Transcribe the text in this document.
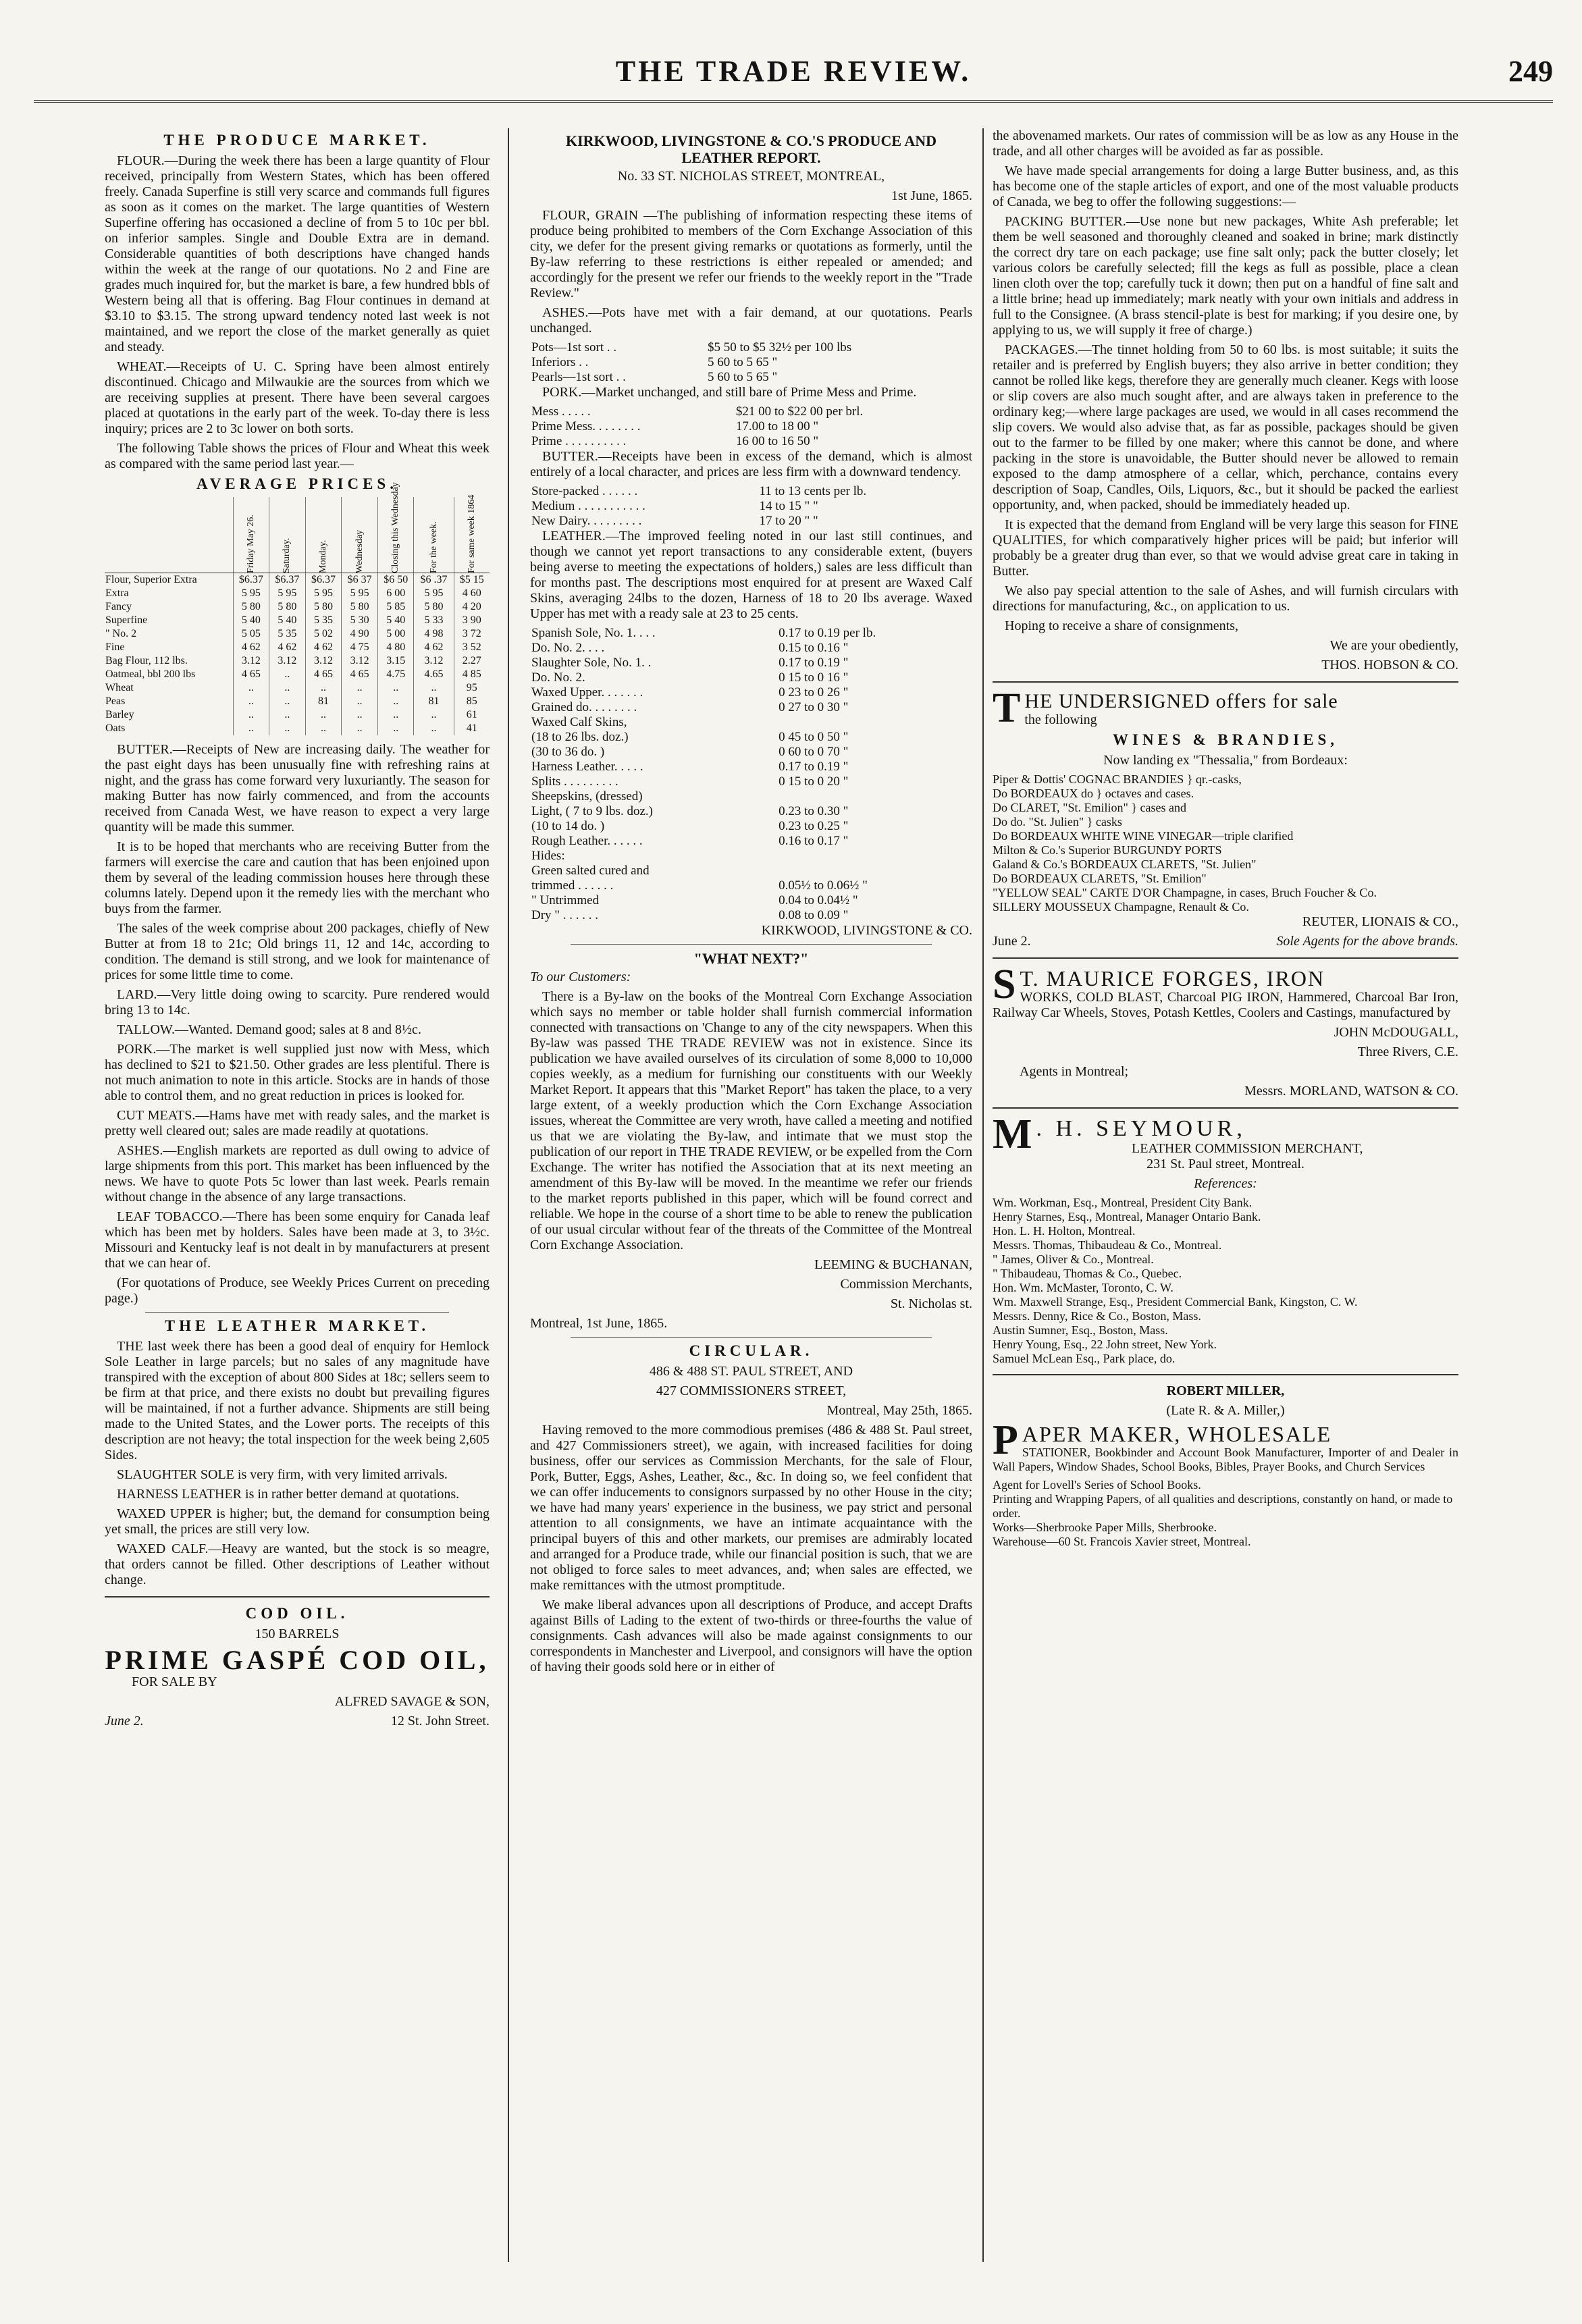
THE TRADE REVIEW.	249
THE PRODUCE MARKET.

FLOUR.—During the week there has been a large quantity of Flour received, principally from Western States, which has been offered freely. Canada Superfine is still very scarce and commands full figures as soon as it comes on the market. The large quantities of Western Superfine offering has occasioned a decline of from 5 to 10c per bbl. on inferior samples. Single and Double Extra are in demand. Considerable quantities of both descriptions have changed hands within the week at the range of our quotations. No 2 and Fine are grades much inquired for, but the market is bare, a few hundred bbls of Western being all that is offering. Bag Flour continues in demand at $3.10 to $3.15. The strong upward tendency noted last week is not maintained, and we report the close of the market generally as quiet and steady.

WHEAT.—Receipts of U. C. Spring have been almost entirely discontinued. Chicago and Milwaukie are the sources from which we are receiving supplies at present. There have been several cargoes placed at quotations in the early part of the week. To-day there is less inquiry; prices are 2 to 3c lower on both sorts.

The following Table shows the prices of Flour and Wheat this week as compared with the same period last year.—

AVERAGE PRICES.
	Friday May 26.	Saturday.	Monday.	Wednesday	Closing this Wednesday	For the week.	For same week 1864
Flour, Superior Extra	$6.37	$6.37	$6.37	$6 37	$6 50	$6 .37	$5 15
Extra	5 95	5 95	5 95	5 95	6 00	5 95	4 60
Fancy	5 80	5 80	5 80	5 80	5 85	5 80	4 20
Superfine	5 40	5 40	5 35	5 30	5 40	5 33	3 90
" No. 2	5 05	5 35	5 02	4 90	5 00	4 98	3 72
Fine	4 62	4 62	4 62	4 75	4 80	4 62	3 52
Bag Flour, 112 lbs.	3.12	3.12	3.12	3.12	3.15	3.12	2.27
Oatmeal, bbl 200 lbs	4 65	..	4 65	4 65	4.75	4.65	4 85
Wheat	..	..	..	..	..	..	95
Peas	..	..	81	..	..	81	85
Barley	..	..	..	..	..	..	61
Oats	..	..	..	..	..	..	41

BUTTER.—Receipts of New are increasing daily. The weather for the past eight days has been unusually fine with refreshing rains at night, and the grass has come forward very luxuriantly. The season for making Butter has now fairly commenced, and from the accounts received from Canada West, we have reason to expect a very large quantity will be made this summer.

It is to be hoped that merchants who are receiving Butter from the farmers will exercise the care and caution that has been enjoined upon them by several of the leading commission houses here through these columns lately. Depend upon it the remedy lies with the merchant who buys from the farmer.

The sales of the week comprise about 200 packages, chiefly of New Butter at from 18 to 21c; Old brings 11, 12 and 14c, according to condition. The demand is still strong, and we look for maintenance of prices for some little time to come.

LARD.—Very little doing owing to scarcity. Pure rendered would bring 13 to 14c.

TALLOW.—Wanted. Demand good; sales at 8 and 8½c.

PORK.—The market is well supplied just now with Mess, which has declined to $21 to $21.50. Other grades are less plentiful. There is not much animation to note in this article. Stocks are in hands of those able to control them, and no great reduction in prices is looked for.

CUT MEATS.—Hams have met with ready sales, and the market is pretty well cleared out; sales are made readily at quotations.

ASHES.—English markets are reported as dull owing to advice of large shipments from this port. This market has been influenced by the news. We have to quote Pots 5c lower than last week. Pearls remain without change in the absence of any large transactions.

LEAF TOBACCO.—There has been some enquiry for Canada leaf which has been met by holders. Sales have been made at 3, to 3½c. Missouri and Kentucky leaf is not dealt in by manufacturers at present that we can hear of.

(For quotations of Produce, see Weekly Prices Current on preceding page.)

THE LEATHER MARKET.

THE last week there has been a good deal of enquiry for Hemlock Sole Leather in large parcels; but no sales of any magnitude have transpired with the exception of about 800 Sides at 18c; sellers seem to be firm at that price, and there exists no doubt but prevailing figures will be maintained, if not a further advance. Shipments are still being made to the United States, and the Lower ports. The receipts of this description are not heavy; the total inspection for the week being 2,605 Sides.

SLAUGHTER SOLE is very firm, with very limited arrivals.

HARNESS LEATHER is in rather better demand at quotations.

WAXED UPPER is higher; but, the demand for consumption being yet small, the prices are still very low.

WAXED CALF.—Heavy are wanted, but the stock is so meagre, that orders cannot be filled. Other descriptions of Leather without change.

COD OIL.

150 BARRELS

PRIME GASPÉ COD OIL,

FOR SALE BY

ALFRED SAVAGE & SON,

June 2.	12 St. John Street.
KIRKWOOD, LIVINGSTONE & CO.'S PRODUCE AND LEATHER REPORT.

No. 33 ST. NICHOLAS STREET, MONTREAL,

1st June, 1865.

FLOUR, GRAIN —The publishing of information respecting these items of produce being prohibited to members of the Corn Exchange Association of this city, we defer for the present giving remarks or quotations as formerly, until the By-law referring to these restrictions is either repealed or amended; and accordingly for the present we refer our friends to the weekly report in the "Trade Review."

ASHES.—Pots have met with a fair demand, at our quotations. Pearls unchanged.

Pots—1st sort . .	$5 50 to $5 32½ per 100 lbs
Inferiors . .	5 60 to 5 65 "
Pearls—1st sort . .	5 60 to 5 65 "

PORK.—Market unchanged, and still bare of Prime Mess and Prime.

Mess . . . . .	$21 00 to $22 00 per brl.
Prime Mess. . . . . . . .	17.00 to 18 00 "
Prime . . . . . . . . . .	16 00 to 16 50 "

BUTTER.—Receipts have been in excess of the demand, which is almost entirely of a local character, and prices are less firm with a downward tendency.

Store-packed . . . . . .	11 to 13 cents per lb.
Medium . . . . . . . . . . .	14 to 15 " "
New Dairy. . . . . . . . .	17 to 20 " "

LEATHER.—The improved feeling noted in our last still continues, and though we cannot yet report transactions to any considerable extent, (buyers being averse to meeting the expectations of holders,) sales are less difficult than for months past. The descriptions most enquired for at present are Waxed Calf Skins, averaging 24lbs to the dozen, Harness of 18 to 20 lbs average. Waxed Upper has met with a ready sale at 23 to 25 cents.

Spanish Sole, No. 1. . . .	0.17 to 0.19 per lb.
Do. No. 2. . . .	0.15 to 0.16 "
Slaughter Sole, No. 1. .	0.17 to 0.19 "
Do. No. 2.	0 15 to 0 16 "
Waxed Upper. . . . . . .	0 23 to 0 26 "
Grained do. . . . . . . .	0 27 to 0 30 "
Waxed Calf Skins,	
(18 to 26 lbs. doz.)	0 45 to 0 50 "
(30 to 36 do. )	0 60 to 0 70 "
Harness Leather. . . . .	0.17 to 0.19 "
Splits . . . . . . . . .	0 15 to 0 20 "
Sheepskins, (dressed)	
Light, ( 7 to 9 lbs. doz.)	0.23 to 0.30 "
(10 to 14 do. )	0.23 to 0.25 "
Rough Leather. . . . . .	0.16 to 0.17 "
Hides:	
Green salted cured and	
trimmed . . . . . .	0.05½ to 0.06½ "
" Untrimmed	0.04 to 0.04½ "
Dry " . . . . . .	0.08 to 0.09 "

KIRKWOOD, LIVINGSTONE & CO.

"WHAT NEXT?"

To our Customers:

There is a By-law on the books of the Montreal Corn Exchange Association which says no member or table holder shall furnish commercial information connected with transactions on 'Change to any of the city newspapers. When this By-law was passed THE TRADE REVIEW was not in existence. Since its publication we have availed ourselves of its circulation of some 8,000 to 10,000 copies weekly, as a medium for furnishing our constituents with our Weekly Market Report. It appears that this "Market Report" has taken the place, to a very large extent, of a weekly production which the Corn Exchange Association issues, whereat the Committee are very wroth, have called a meeting and notified us that we are violating the By-law, and intimate that we must stop the publication of our report in THE TRADE REVIEW, or be expelled from the Corn Exchange. The writer has notified the Association that at its next meeting an amendment of this By-law will be moved. In the meantime we refer our friends to the market reports published in this paper, which will be found correct and reliable. We hope in the course of a short time to be able to renew the publication of our usual circular without fear of the threats of the Committee of the Montreal Corn Exchange Association.

LEEMING & BUCHANAN,

Commission Merchants,

St. Nicholas st.

Montreal, 1st June, 1865.

CIRCULAR.

486 & 488 ST. PAUL STREET, AND

427 COMMISSIONERS STREET,

Montreal, May 25th, 1865.

Having removed to the more commodious premises (486 & 488 St. Paul street, and 427 Commissioners street), we again, with increased facilities for doing business, offer our services as Commission Merchants, for the sale of Flour, Pork, Butter, Eggs, Ashes, Leather, &c., &c. In doing so, we feel confident that we can offer inducements to consignors surpassed by no other House in the city; we have had many years' experience in the business, we pay strict and personal attention to all consignments, we have an intimate acquaintance with the principal buyers of this and other markets, our premises are admirably located and arranged for a Produce trade, while our financial position is such, that we are not obliged to force sales to meet advances, and; when sales are effected, we make remittances with the utmost promptitude.

We make liberal advances upon all descriptions of Produce, and accept Drafts against Bills of Lading to the extent of two-thirds or three-fourths the value of consignments. Cash advances will also be made against consignments to our correspondents in Manchester and Liverpool, and consignors will have the option of having their goods sold here or in either of

the abovenamed markets. Our rates of commission will be as low as any House in the trade, and all other charges will be avoided as far as possible.

We have made special arrangements for doing a large Butter business, and, as this has become one of the staple articles of export, and one of the most valuable products of Canada, we beg to offer the following suggestions:—

PACKING BUTTER.—Use none but new packages, White Ash preferable; let them be well seasoned and thoroughly cleaned and soaked in brine; mark distinctly the correct dry tare on each package; use fine salt only; pack the butter closely; let various colors be carefully selected; fill the kegs as full as possible, place a clean linen cloth over the top; carefully tuck it down; then put on a handful of fine salt and a little brine; head up immediately; mark neatly with your own initials and address in full to the Consignee. (A brass stencil-plate is best for marking; if you desire one, by applying to us, we will supply it free of charge.)

PACKAGES.—The tinnet holding from 50 to 60 lbs. is most suitable; it suits the retailer and is preferred by English buyers; they also arrive in better condition; they cannot be rolled like kegs, therefore they are generally much cleaner. Kegs with loose or slip covers are also much sought after, and are always taken in preference to the ordinary keg;—where large packages are used, we would in all cases recommend the slip covers. We would also advise that, as far as possible, packages should be given out to the farmer to be filled by one maker; where this cannot be done, and where packing in the store is unavoidable, the Butter should never be allowed to remain exposed to the damp atmosphere of a cellar, which, perchance, contains every description of Soap, Candles, Oils, Liquors, &c., but it should be packed the earliest opportunity, and, when packed, should be immediately headed up.

It is expected that the demand from England will be very large this season for FINE QUALITIES, for which comparatively higher prices will be paid; but inferior will probably be a greater drug than ever, so that we would advise great care in taking in Butter.

We also pay special attention to the sale of Ashes, and will furnish circulars with directions for manufacturing, &c., on application to us.

Hoping to receive a share of consignments,

We are your obediently,

THOS. HOBSON & CO.

T HE UNDERSIGNED offers for sale
the following
WINES & BRANDIES,

Now landing ex "Thessalia," from Bordeaux:

Piper & Dottis' COGNAC BRANDIES } qr.-casks,
Do BORDEAUX do } octaves and cases.
Do CLARET, "St. Emilion" } cases and
Do do. "St. Julien" } casks
Do BORDEAUX WHITE WINE VINEGAR—triple clarified
Milton & Co.'s Superior BURGUNDY PORTS
Galand & Co.'s BORDEAUX CLARETS, "St. Julien"
Do BORDEAUX CLARETS, "St. Emilion"
"YELLOW SEAL" CARTE D'OR Champagne, in cases, Bruch Foucher & Co.
SILLERY MOUSSEUX Champagne, Renault & Co.

REUTER, LIONAIS & CO.,

June 2.	Sole Agents for the above brands.
S T. MAURICE FORGES, IRON

WORKS, COLD BLAST, Charcoal PIG IRON, Hammered, Charcoal Bar Iron, Railway Car Wheels, Stoves, Potash Kettles, Coolers and Castings, manufactured by

JOHN McDOUGALL,

Three Rivers, C.E.

Agents in Montreal;

Messrs. MORLAND, WATSON & CO.

M . H. SEYMOUR,
LEATHER COMMISSION MERCHANT,

231 St. Paul street, Montreal.

References:

Wm. Workman, Esq., Montreal, President City Bank.
Henry Starnes, Esq., Montreal, Manager Ontario Bank.
Hon. L. H. Holton, Montreal.
Messrs. Thomas, Thibaudeau & Co., Montreal.
" James, Oliver & Co., Montreal.
" Thibaudeau, Thomas & Co., Quebec.
Hon. Wm. McMaster, Toronto, C. W.
Wm. Maxwell Strange, Esq., President Commercial Bank, Kingston, C. W.
Messrs. Denny, Rice & Co., Boston, Mass.
Austin Sumner, Esq., Boston, Mass.
Henry Young, Esq., 22 John street, New York.
Samuel McLean Esq., Park place, do.

ROBERT MILLER,

(Late R. & A. Miller,)

P APER MAKER, WHOLESALE

STATIONER, Bookbinder and Account Book Manufacturer, Importer of and Dealer in Wall Papers, Window Shades, School Books, Bibles, Prayer Books, and Church Services

Agent for Lovell's Series of School Books.
Printing and Wrapping Papers, of all qualities and descriptions, constantly on hand, or made to order.
Works—Sherbrooke Paper Mills, Sherbrooke.
Warehouse—60 St. Francois Xavier street, Montreal.
